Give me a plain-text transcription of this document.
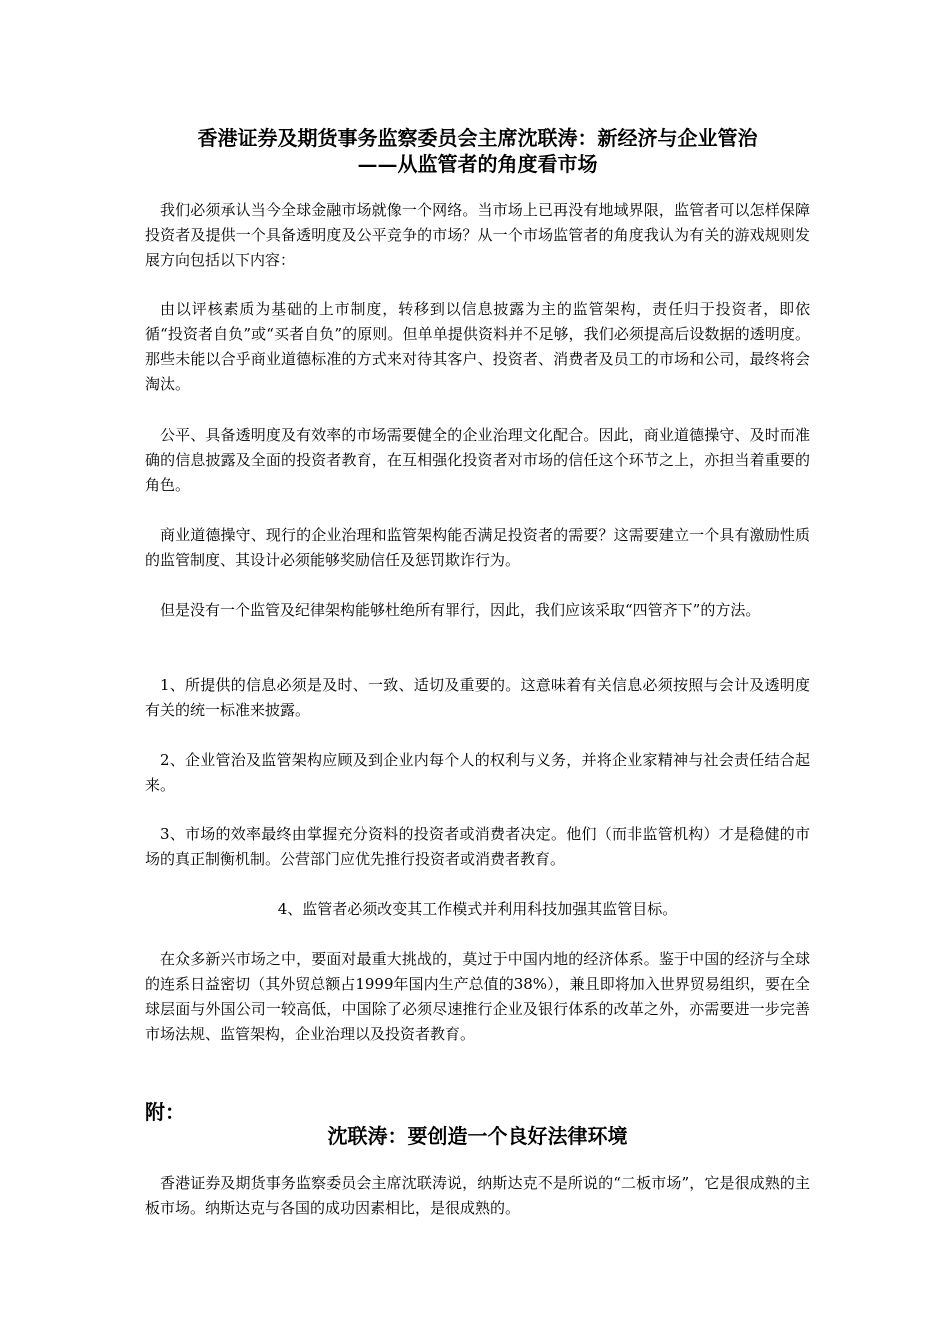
香港证券及期货事务监察委员会主席沈联涛：新经济与企业管治
——从监管者的角度看市场

我们必须承认当今全球金融市场就像一个网络。当市场上已再没有地域界限，监管者可以怎样保障投资者及提供一个具备透明度及公平竞争的市场？从一个市场监管者的角度我认为有关的游戏规则发展方向包括以下内容：

由以评核素质为基础的上市制度，转移到以信息披露为主的监管架构，责任归于投资者，即依循“投资者自负”或“买者自负”的原则。但单单提供资料并不足够，我们必须提高后设数据的透明度。那些未能以合乎商业道德标准的方式来对待其客户、投资者、消费者及员工的市场和公司，最终将会淘汰。

公平、具备透明度及有效率的市场需要健全的企业治理文化配合。因此，商业道德操守、及时而准确的信息披露及全面的投资者教育，在互相强化投资者对市场的信任这个环节之上，亦担当着重要的角色。

商业道德操守、现行的企业治理和监管架构能否满足投资者的需要？这需要建立一个具有激励性质的监管制度、其设计必须能够奖励信任及惩罚欺诈行为。

但是没有一个监管及纪律架构能够杜绝所有罪行，因此，我们应该采取“四管齐下”的方法。

1、所提供的信息必须是及时、一致、适切及重要的。这意味着有关信息必须按照与会计及透明度有关的统一标准来披露。

2、企业管治及监管架构应顾及到企业内每个人的权利与义务，并将企业家精神与社会责任结合起来。

3、市场的效率最终由掌握充分资料的投资者或消费者决定。他们（而非监管机构）才是稳健的市场的真正制衡机制。公营部门应优先推行投资者或消费者教育。

4、监管者必须改变其工作模式并利用科技加强其监管目标。

在众多新兴市场之中，要面对最重大挑战的，莫过于中国内地的经济体系。鉴于中国的经济与全球的连系日益密切（其外贸总额占1999年国内生产总值的38%），兼且即将加入世界贸易组织，要在全球层面与外国公司一较高低，中国除了必须尽速推行企业及银行体系的改革之外，亦需要进一步完善市场法规、监管架构，企业治理以及投资者教育。

附：
沈联涛：要创造一个良好法律环境

香港证券及期货事务监察委员会主席沈联涛说，纳斯达克不是所说的“二板市场”，它是很成熟的主板市场。纳斯达克与各国的成功因素相比，是很成熟的。
